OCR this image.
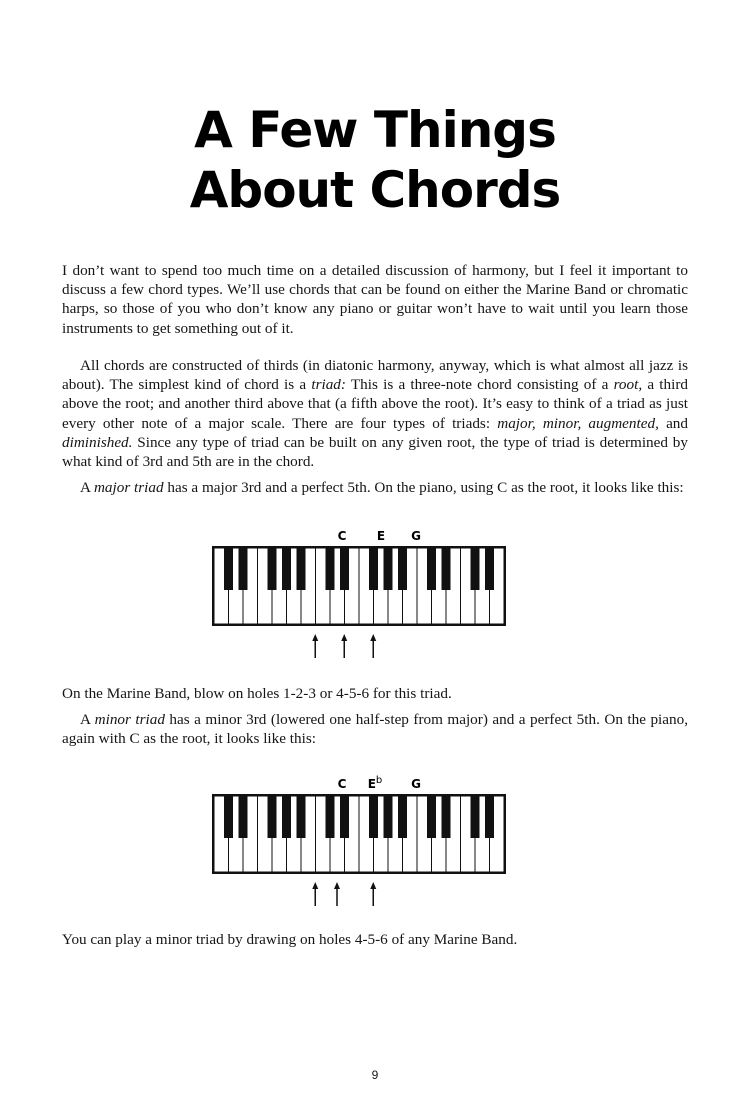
A Few Things
About Chords

I don’t want to spend too much time on a detailed discussion of harmony, but I feel it important to discuss a few chord types. We’ll use chords that can be found on either the Marine Band or chromatic harps, so those of you who don’t know any piano or guitar won’t have to wait until you learn those instruments to get something out of it.

All chords are constructed of thirds (in diatonic harmony, anyway, which is what almost all jazz is about). The simplest kind of chord is a triad: This is a three-note chord consisting of a root, a third above the root; and another third above that (a fifth above the root). It’s easy to think of a triad as just every other note of a major scale. There are four types of triads: major, minor, augmented, and diminished. Since any type of triad can be built on any given root, the type of triad is determined by what kind of 3rd and 5th are in the chord.

A major triad has a major 3rd and a perfect 5th. On the piano, using C as the root, it looks like this:

C	E G

On the Marine Band, blow on holes 1-2-3 or 4-5-6 for this triad.

A minor triad has a minor 3rd (lowered one half-step from major) and a perfect 5th. On the piano, again with C as the root, it looks like this:

C $E^b$ G

You can play a minor triad by drawing on holes 4-5-6 of any Marine Band.

9
